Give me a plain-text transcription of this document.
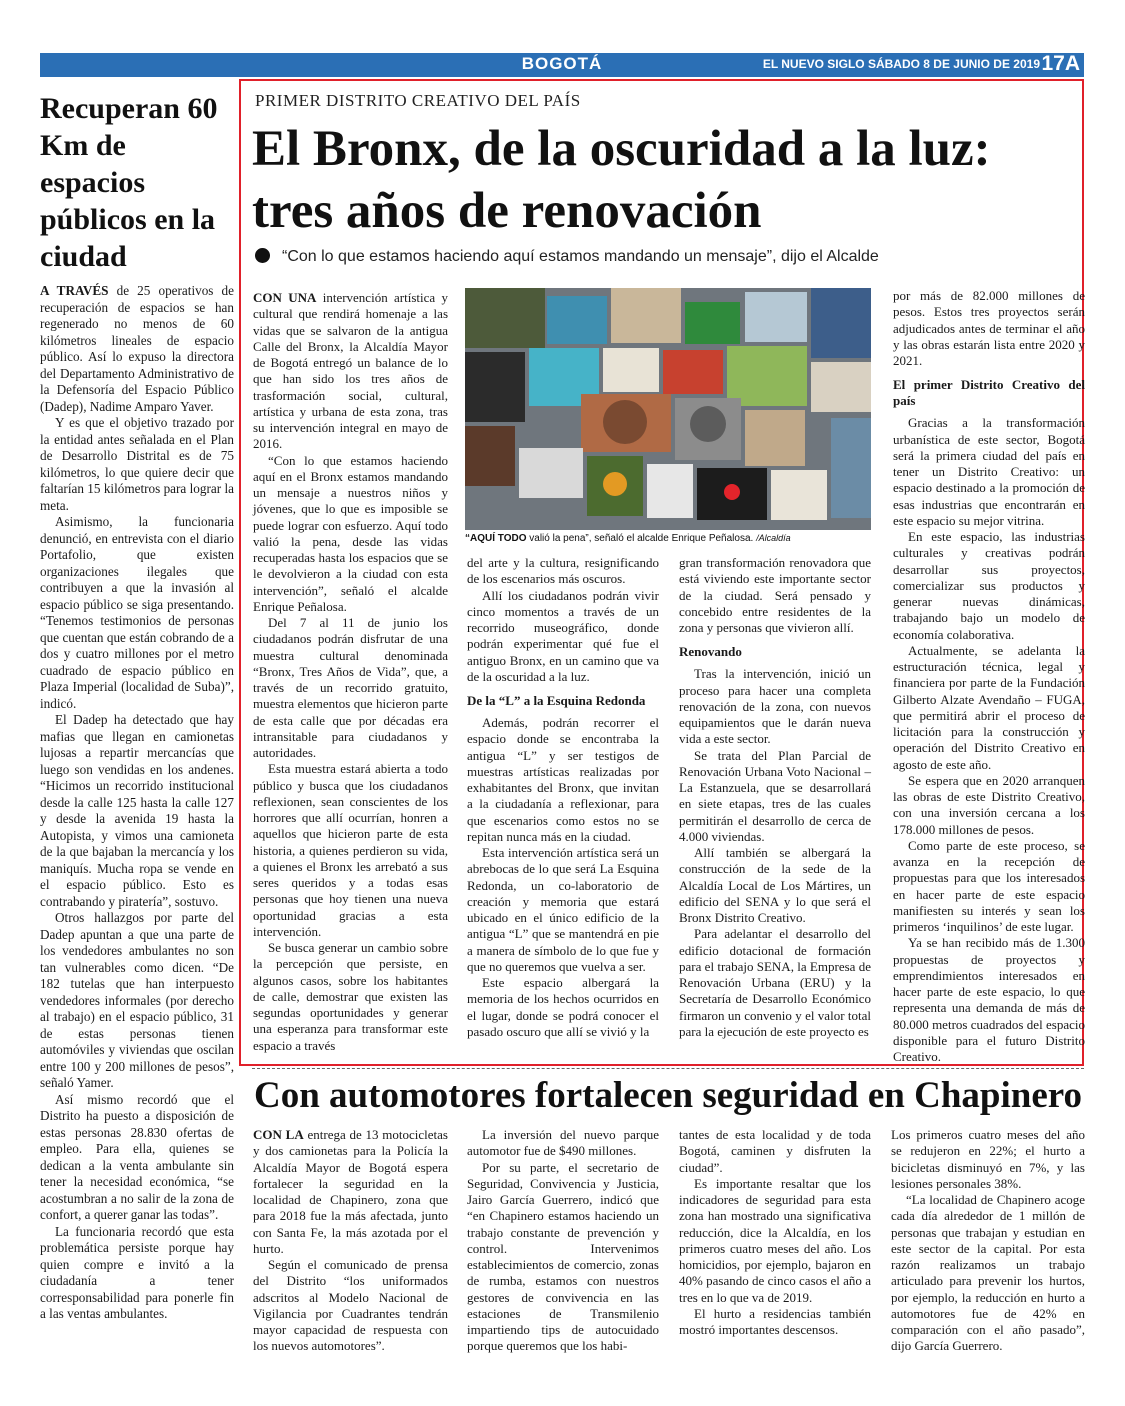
BOGOTÁ	EL NUEVO SIGLO SÁBADO 8 DE JUNIO DE 2019 17A
Recuperan 60 Km de espacios públicos en la ciudad

A TRAVÉS de 25 operativos de recuperación de espacios se han regenerado no menos de 60 kilómetros lineales de espacio público. Así lo expuso la directora del Departamento Administrativo de la Defensoría del Espacio Público (Dadep), Nadime Amparo Yaver.

Y es que el objetivo trazado por la entidad antes señalada en el Plan de Desarrollo Distrital es de 75 kilómetros, lo que quiere decir que faltarían 15 kilómetros para lograr la meta.

Asimismo, la funcionaria denunció, en entrevista con el diario Portafolio, que existen organizaciones ilegales que contribuyen a que la invasión al espacio público se siga presentando. “Tenemos testimonios de personas que cuentan que están cobrando de a dos y cuatro millones por el metro cuadrado de espacio público en Plaza Imperial (localidad de Suba)”, indicó.

El Dadep ha detectado que hay mafias que llegan en camionetas lujosas a repartir mercancías que luego son vendidas en los andenes. “Hicimos un recorrido institucional desde la calle 125 hasta la calle 127 y desde la avenida 19 hasta la Autopista, y vimos una camioneta de la que bajaban la mercancía y los maniquís. Mucha ropa se vende en el espacio público. Esto es contrabando y piratería”, sostuvo.

Otros hallazgos por parte del Dadep apuntan a que una parte de los vendedores ambulantes no son tan vulnerables como dicen. “De 182 tutelas que han interpuesto vendedores informales (por derecho al trabajo) en el espacio público, 31 de estas personas tienen automóviles y viviendas que oscilan entre 100 y 200 millones de pesos”, señaló Yamer.

Así mismo recordó que el Distrito ha puesto a disposición de estas personas 28.830 ofertas de empleo. Para ella, quienes se dedican a la venta ambulante sin tener la necesidad económica, “se acostumbran a no salir de la zona de confort, a querer ganar las todas”.

La funcionaria recordó que esta problemática persiste porque hay quien compre e invitó a la ciudadanía a tener corresponsabilidad para ponerle fin a las ventas ambulantes.

PRIMER DISTRITO CREATIVO DEL PAÍS
El Bronx, de la oscuridad a la luz: tres años de renovación
“Con lo que estamos haciendo aquí estamos mandando un mensaje”, dijo el Alcalde

CON UNA intervención artística y cultural que rendirá homenaje a las vidas que se salvaron de la antigua Calle del Bronx, la Alcaldía Mayor de Bogotá entregó un balance de lo que han sido los tres años de trasformación social, cultural, artística y urbana de esta zona, tras su intervención integral en mayo de 2016.

“Con lo que estamos haciendo aquí en el Bronx estamos mandando un mensaje a nuestros niños y jóvenes, que lo que es imposible se puede lograr con esfuerzo. Aquí todo valió la pena, desde las vidas recuperadas hasta los espacios que se le devolvieron a la ciudad con esta intervención”, señaló el alcalde Enrique Peñalosa.

Del 7 al 11 de junio los ciudadanos podrán disfrutar de una muestra cultural denominada “Bronx, Tres Años de Vida”, que, a través de un recorrido gratuito, muestra elementos que hicieron parte de esta calle que por décadas era intransitable para ciudadanos y autoridades.

Esta muestra estará abierta a todo público y busca que los ciudadanos reflexionen, sean conscientes de los horrores que allí ocurrían, honren a aquellos que hicieron parte de esta historia, a quienes perdieron su vida, a quienes el Bronx les arrebató a sus seres queridos y a todas esas personas que hoy tienen una nueva oportunidad gracias a esta intervención.

Se busca generar un cambio sobre la percepción que persiste, en algunos casos, sobre los habitantes de calle, demostrar que existen las segundas oportunidades y generar una esperanza para transformar este espacio a través

“AQUÍ TODO valió la pena”, señaló el alcalde Enrique Peñalosa. /Alcaldía

del arte y la cultura, resignificando de los escenarios más oscuros.

Allí los ciudadanos podrán vivir cinco momentos a través de un recorrido museográfico, donde podrán experimentar qué fue el antiguo Bronx, en un camino que va de la oscuridad a la luz.

De la “L” a la Esquina Redonda

Además, podrán recorrer el espacio donde se encontraba la antigua “L” y ser testigos de muestras artísticas realizadas por exhabitantes del Bronx, que invitan a la ciudadanía a reflexionar, para que escenarios como estos no se repitan nunca más en la ciudad.

Esta intervención artística será un abrebocas de lo que será La Esquina Redonda, un co-laboratorio de creación y memoria que estará ubicado en el único edificio de la antigua “L” que se mantendrá en pie a manera de símbolo de lo que fue y que no queremos que vuelva a ser.

Este espacio albergará la memoria de los hechos ocurridos en el lugar, donde se podrá conocer el pasado oscuro que allí se vivió y la

gran transformación renovadora que está viviendo este importante sector de la ciudad. Será pensado y concebido entre residentes de la zona y personas que vivieron allí.

Renovando

Tras la intervención, inició un proceso para hacer una completa renovación de la zona, con nuevos equipamientos que le darán nueva vida a este sector.

Se trata del Plan Parcial de Renovación Urbana Voto Nacional – La Estanzuela, que se desarrollará en siete etapas, tres de las cuales permitirán el desarrollo de cerca de 4.000 viviendas.

Allí también se albergará la construcción de la sede de la Alcaldía Local de Los Mártires, un edificio del SENA y lo que será el Bronx Distrito Creativo.

Para adelantar el desarrollo del edificio dotacional de formación para el trabajo SENA, la Empresa de Renovación Urbana (ERU) y la Secretaría de Desarrollo Económico firmaron un convenio y el valor total para la ejecución de este proyecto es

por más de 82.000 millones de pesos. Estos tres proyectos serán adjudicados antes de terminar el año y las obras estarán lista entre 2020 y 2021.

El primer Distrito Creativo del país

Gracias a la transformación urbanística de este sector, Bogotá será la primera ciudad del país en tener un Distrito Creativo: un espacio destinado a la promoción de esas industrias que encontrarán en este espacio su mejor vitrina.

En este espacio, las industrias culturales y creativas podrán desarrollar sus proyectos, comercializar sus productos y generar nuevas dinámicas, trabajando bajo un modelo de economía colaborativa.

Actualmente, se adelanta la estructuración técnica, legal y financiera por parte de la Fundación Gilberto Alzate Avendaño – FUGA, que permitirá abrir el proceso de licitación para la construcción y operación del Distrito Creativo en agosto de este año.

Se espera que en 2020 arranquen las obras de este Distrito Creativo, con una inversión cercana a los 178.000 millones de pesos.

Como parte de este proceso, se avanza en la recepción de propuestas para que los interesados en hacer parte de este espacio manifiesten su interés y sean los primeros ‘inquilinos’ de este lugar.

Ya se han recibido más de 1.300 propuestas de proyectos y emprendimientos interesados en hacer parte de este espacio, lo que representa una demanda de más de 80.000 metros cuadrados del espacio disponible para el futuro Distrito Creativo.

Con automotores fortalecen seguridad en Chapinero

CON LA entrega de 13 motocicletas y dos camionetas para la Policía la Alcaldía Mayor de Bogotá espera fortalecer la seguridad en la localidad de Chapinero, zona que para 2018 fue la más afectada, junto con Santa Fe, la más azotada por el hurto.

Según el comunicado de prensa del Distrito “los uniformados adscritos al Modelo Nacional de Vigilancia por Cuadrantes tendrán mayor capacidad de respuesta con los nuevos automotores”.

La inversión del nuevo parque automotor fue de $490 millones.

Por su parte, el secretario de Seguridad, Convivencia y Justicia, Jairo García Guerrero, indicó que “en Chapinero estamos haciendo un trabajo constante de prevención y control. Intervenimos establecimientos de comercio, zonas de rumba, estamos con nuestros gestores de convivencia en las estaciones de Transmilenio impartiendo tips de autocuidado porque queremos que los habi-

tantes de esta localidad y de toda Bogotá, caminen y disfruten la ciudad”.

Es importante resaltar que los indicadores de seguridad para esta zona han mostrado una significativa reducción, dice la Alcaldía, en los primeros cuatro meses del año. Los homicidios, por ejemplo, bajaron en 40% pasando de cinco casos el año a tres en lo que va de 2019.

El hurto a residencias también mostró importantes descensos.

Los primeros cuatro meses del año se redujeron en 22%; el hurto a bicicletas disminuyó en 7%, y las lesiones personales 38%.

“La localidad de Chapinero acoge cada día alrededor de 1 millón de personas que trabajan y estudian en este sector de la capital. Por esta razón realizamos un trabajo articulado para prevenir los hurtos, por ejemplo, la reducción en hurto a automotores fue de 42% en comparación con el año pasado”, dijo García Guerrero.
